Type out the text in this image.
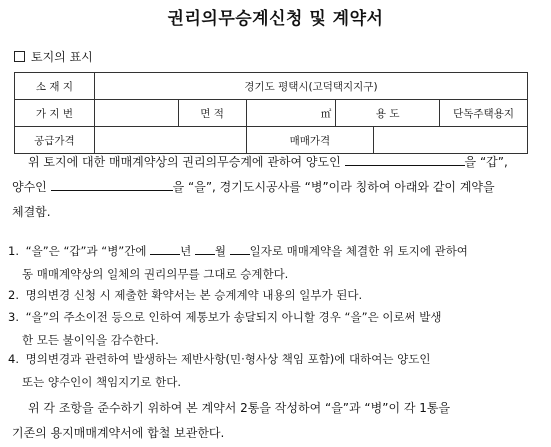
권리의무승계신청 및 계약서
토지의 표시
소 재 지	경기도 평택시(고덕택지지구)					
가 지 번		면 적	㎡	용 도		단독주택용지
공급가격			매매가격			
위 토지에 대한 매매계약상의 권리의무승계에 관하여 양도인	을 “갑”,
양수인	을 “을”, 경기도시공사를 “병”이라 칭하여 아래와 같이 계약을
체결함.
1. “을”은 “갑”과 “병”간에	년 월 일자로 매매계약을 체결한 위 토지에 관하여
동 매매계약상의 일체의 권리의무를 그대로 승계한다.
2. 명의변경 신청 시 제출한 확약서는 본 승계계약 내용의 일부가 된다.
3. “을”의 주소이전 등으로 인하여 제통보가 송달되지 아니할 경우 “을”은 이로써 발생
한 모든 불이익을 감수한다.
4. 명의변경과 관련하여 발생하는 제반사항(민·형사상 책임 포함)에 대하여는 양도인
또는 양수인이 책임지기로 한다.
위 각 조항을 준수하기 위하여 본 계약서 2통을 작성하여 “을”과 “병”이 각 1통을
기존의 용지매매계약서에 합철 보관한다.
